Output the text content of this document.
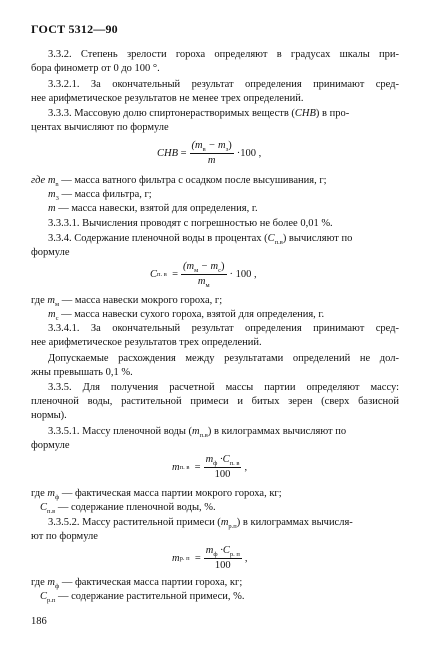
ГОСТ 5312—90
3.3.2. Степень зрелости гороха определяют в градусах шкалы при-
бора финометр от 0 до 100 °.
3.3.2.1. За окончательный результат определения принимают сред-
нее арифметическое результатов не менее трех определений.
3.3.3. Массовую долю спиртонерастворимых веществ (CHB) в про-
центах вычисляют по формуле
CHB
= $\frac{(m_в - m_з)}{m} \cdot 100$ ,
где $m_n$ — масса ватного фильтра с осадком после высушивания, г;
$m_3$ — масса фильтра, г;
m — масса навески, взятой для определения, г.
3.3.3.1. Вычисления проводят с погрешностью не более 0,01 %.
3.3.4. Содержание пленочной воды в процентах $(C_{п.в})$ вычисляют по
формуле
C п. в
= $\frac{(m_м - m_c)}{m_м} \cdot 100$ ,
где $m_м$ — масса навески мокрого гороха, г;
$m_с$ — масса навески сухого гороха, взятой для определения, г.
3.3.4.1. За окончательный результат определения принимают сред-
нее арифметическое результатов трех определений.
Допускаемые расхождения между результатами определений не дол-
жны превышать 0,1 %.
3.3.5. Для получения расчетной массы партии определяют массу:
пленочной воды, растительной примеси и битых зерен (сверх базисной
нормы).
3.3.5.1. Массу пленочной воды $(m_{п.в})$ в килограммах вычисляют по
формуле
m п. в
= $\frac{m_ф \cdot C_{п. в}}{100}$ ,
где $m_ф$ — фактическая масса партии мокрого гороха, кг;
$C_{п.в}$ — содержание пленочной воды, %.
3.3.5.2. Массу растительной примеси $(m_{р.п})$ в килограммах вычисля-
ют по формуле
m р. п
= $\frac{m_ф \cdot C_{р. п}}{100}$ ,
где $m_ф$ — фактическая масса партии гороха, кг;
$C_{р.п}$ — содержание растительной примеси, %.
186
